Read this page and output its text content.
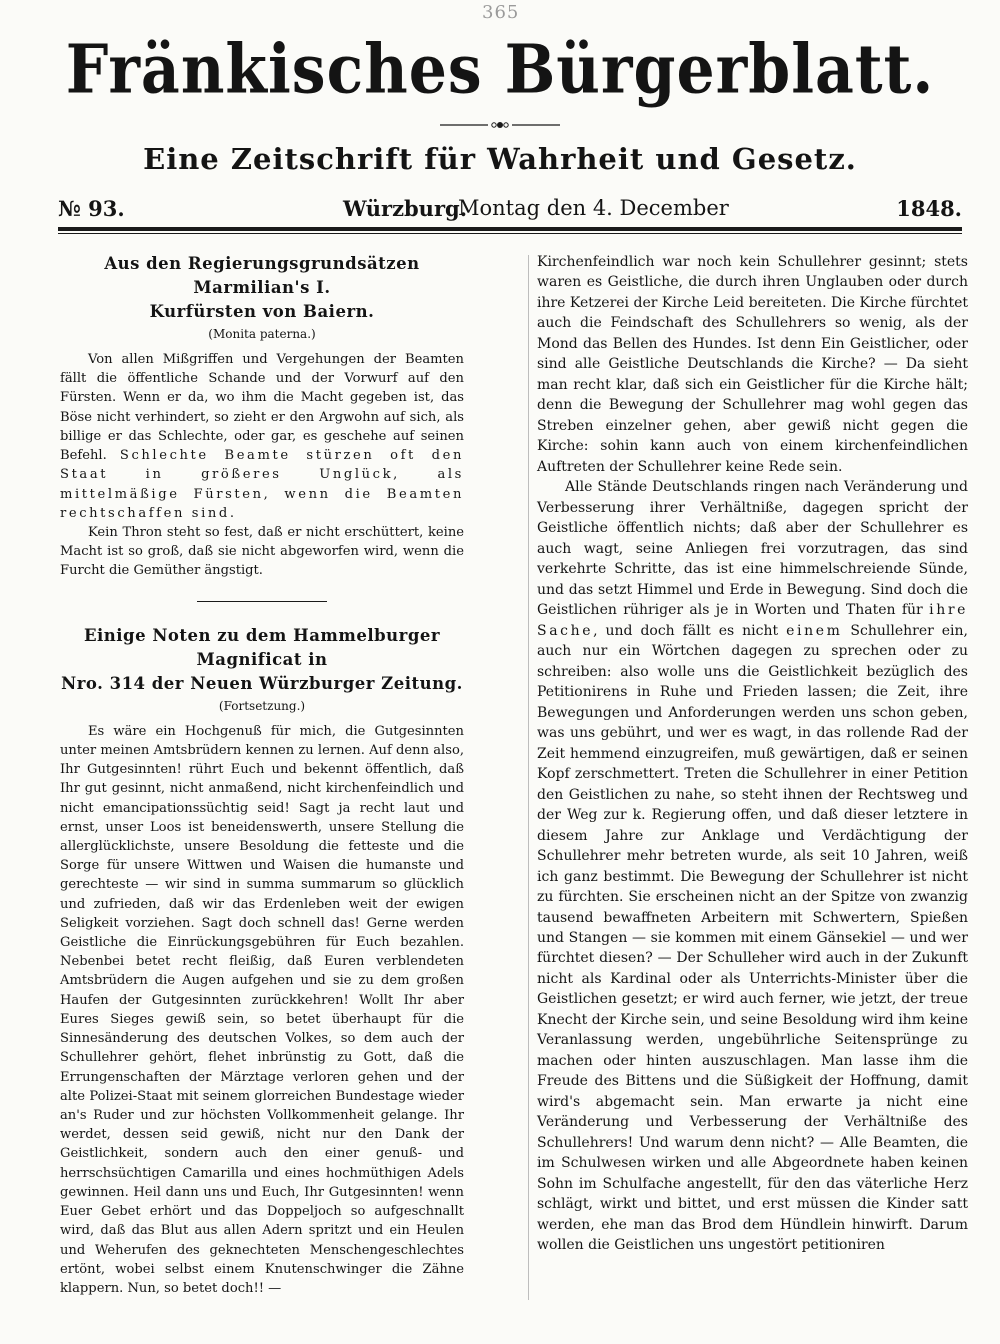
365
Fränkisches Bürgerblatt.
Eine Zeitschrift für Wahrheit und Gesetz.
№ 93.	Würzburg.
Montag den 4. December	1848.

Aus den Regierungsgrundsätzen Marmilian's I.

Kurfürsten von Baiern.

(Monita paterna.)

Von allen Mißgriffen und Vergehungen der Beamten fällt die öffentliche Schande und der Vorwurf auf den Fürsten. Wenn er da, wo ihm die Macht gegeben ist, das Böse nicht verhindert, so zieht er den Argwohn auf sich, als billige er das Schlechte, oder gar, es geschehe auf seinen Befehl. Schlechte Beamte stürzen oft den Staat in größeres Unglück, als mittelmäßige Fürsten, wenn die Beamten rechtschaffen sind.

Kein Thron steht so fest, daß er nicht erschüttert, keine Macht ist so groß, daß sie nicht abgeworfen wird, wenn die Furcht die Gemüther ängstigt.

Einige Noten zu dem Hammelburger Magnificat in

Nro. 314 der Neuen Würzburger Zeitung.

(Fortsetzung.)

Es wäre ein Hochgenuß für mich, die Gutgesinnten unter meinen Amtsbrüdern kennen zu lernen. Auf denn also, Ihr Gutgesinnten! rührt Euch und bekennt öffentlich, daß Ihr gut gesinnt, nicht anmaßend, nicht kirchenfeindlich und nicht emancipationssüchtig seid! Sagt ja recht laut und ernst, unser Loos ist beneidenswerth, unsere Stellung die allerglücklichste, unsere Besoldung die fetteste und die Sorge für unsere Wittwen und Waisen die humanste und gerechteste — wir sind in summa summarum so glücklich und zufrieden, daß wir das Erdenleben weit der ewigen Seligkeit vorziehen. Sagt doch schnell das! Gerne werden Geistliche die Einrückungsgebühren für Euch bezahlen. Nebenbei betet recht fleißig, daß Euren verblendeten Amtsbrüdern die Augen aufgehen und sie zu dem großen Haufen der Gutgesinnten zurückkehren! Wollt Ihr aber Eures Sieges gewiß sein, so betet überhaupt für die Sinnesänderung des deutschen Volkes, so dem auch der Schullehrer gehört, flehet inbrünstig zu Gott, daß die Errungenschaften der Märztage verloren gehen und der alte Polizei-Staat mit seinem glorreichen Bundestage wieder an's Ruder und zur höchsten Vollkommenheit gelange. Ihr werdet, dessen seid gewiß, nicht nur den Dank der Geistlichkeit, sondern auch den einer genuß- und herrschsüchtigen Camarilla und eines hochmüthigen Adels gewinnen. Heil dann uns und Euch, Ihr Gutgesinnten! wenn Euer Gebet erhört und das Doppeljoch so aufgeschnallt wird, daß das Blut aus allen Adern spritzt und ein Heulen und Weherufen des geknechteten Menschengeschlechtes ertönt, wobei selbst einem Knutenschwinger die Zähne klappern. Nun, so betet doch!! —

Kirchenfeindlich war noch kein Schullehrer gesinnt; stets waren es Geistliche, die durch ihren Unglauben oder durch ihre Ketzerei der Kirche Leid bereiteten. Die Kirche fürchtet auch die Feindschaft des Schullehrers so wenig, als der Mond das Bellen des Hundes. Ist denn Ein Geistlicher, oder sind alle Geistliche Deutschlands die Kirche? — Da sieht man recht klar, daß sich ein Geistlicher für die Kirche hält; denn die Bewegung der Schullehrer mag wohl gegen das Streben einzelner gehen, aber gewiß nicht gegen die Kirche: sohin kann auch von einem kirchenfeindlichen Auftreten der Schullehrer keine Rede sein.

Alle Stände Deutschlands ringen nach Veränderung und Verbesserung ihrer Verhältniße, dagegen spricht der Geistliche öffentlich nichts; daß aber der Schullehrer es auch wagt, seine Anliegen frei vorzutragen, das sind verkehrte Schritte, das ist eine himmelschreiende Sünde, und das setzt Himmel und Erde in Bewegung. Sind doch die Geistlichen rühriger als je in Worten und Thaten für ihre Sache, und doch fällt es nicht einem Schullehrer ein, auch nur ein Wörtchen dagegen zu sprechen oder zu schreiben: also wolle uns die Geistlichkeit bezüglich des Petitionirens in Ruhe und Frieden lassen; die Zeit, ihre Bewegungen und Anforderungen werden uns schon geben, was uns gebührt, und wer es wagt, in das rollende Rad der Zeit hemmend einzugreifen, muß gewärtigen, daß er seinen Kopf zerschmettert. Treten die Schullehrer in einer Petition den Geistlichen zu nahe, so steht ihnen der Rechtsweg und der Weg zur k. Regierung offen, und daß dieser letztere in diesem Jahre zur Anklage und Verdächtigung der Schullehrer mehr betreten wurde, als seit 10 Jahren, weiß ich ganz bestimmt. Die Bewegung der Schullehrer ist nicht zu fürchten. Sie erscheinen nicht an der Spitze von zwanzig tausend bewaffneten Arbeitern mit Schwertern, Spießen und Stangen — sie kommen mit einem Gänsekiel — und wer fürchtet diesen? — Der Schulleher wird auch in der Zukunft nicht als Kardinal oder als Unterrichts-Minister über die Geistlichen gesetzt; er wird auch ferner, wie jetzt, der treue Knecht der Kirche sein, und seine Besoldung wird ihm keine Veranlassung werden, ungebührliche Seitensprünge zu machen oder hinten auszuschlagen. Man lasse ihm die Freude des Bittens und die Süßigkeit der Hoffnung, damit wird's abgemacht sein. Man erwarte ja nicht eine Veränderung und Verbesserung der Verhältniße des Schullehrers! Und warum denn nicht? — Alle Beamten, die im Schulwesen wirken und alle Abgeordnete haben keinen Sohn im Schulfache angestellt, für den das väterliche Herz schlägt, wirkt und bittet, und erst müssen die Kinder satt werden, ehe man das Brod dem Hündlein hinwirft. Darum wollen die Geistlichen uns ungestört petitioniren
